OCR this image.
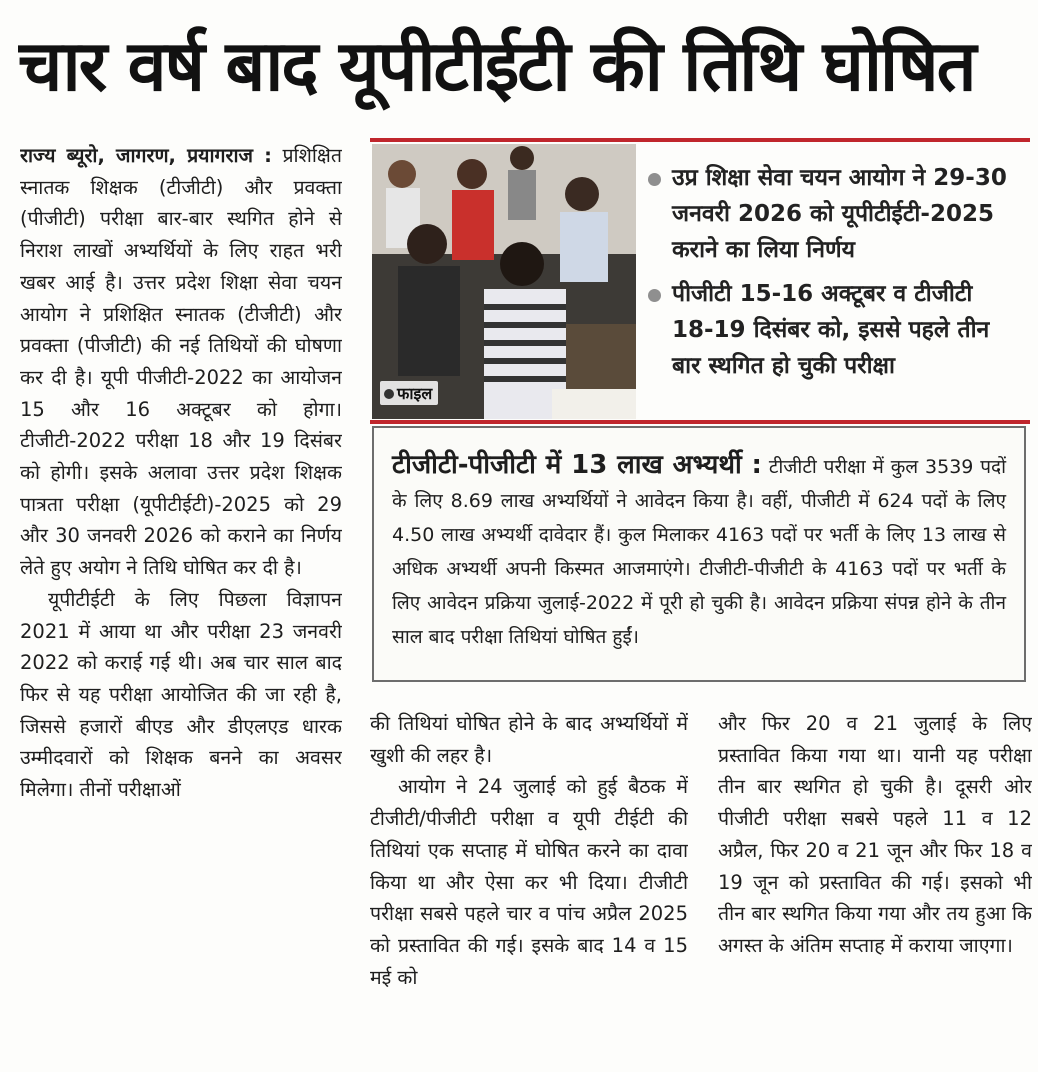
चार वर्ष बाद यूपीटीईटी की तिथि घोषित
फाइल
उप्र शिक्षा सेवा चयन आयोग ने 29-30 जनवरी 2026 को यूपीटीईटी-2025 कराने का लिया निर्णय
पीजीटी 15-16 अक्टूबर व टीजीटी 18-19 दिसंबर को, इससे पहले तीन बार स्थगित हो चुकी परीक्षा
टीजीटी-पीजीटी में 13 लाख अभ्यर्थी : टीजीटी परीक्षा में कुल 3539 पदों के लिए 8.69 लाख अभ्यर्थियों ने आवेदन किया है। वहीं, पीजीटी में 624 पदों के लिए 4.50 लाख अभ्यर्थी दावेदार हैं। कुल मिलाकर 4163 पदों पर भर्ती के लिए 13 लाख से अधिक अभ्यर्थी अपनी किस्मत आजमाएंगे। टीजीटी-पीजीटी के 4163 पदों पर भर्ती के लिए आवेदन प्रक्रिया जुलाई-2022 में पूरी हो चुकी है। आवेदन प्रक्रिया संपन्न होने के तीन साल बाद परीक्षा तिथियां घोषित हुईं।

राज्य ब्यूरो, जागरण, प्रयागराज : प्रशिक्षित स्नातक शिक्षक (टीजीटी) और प्रवक्ता (पीजीटी) परीक्षा बार-बार स्थगित होने से निराश लाखों अभ्यर्थियों के लिए राहत भरी खबर आई है। उत्तर प्रदेश शिक्षा सेवा चयन आयोग ने प्रशिक्षित स्नातक (टीजीटी) और प्रवक्ता (पीजीटी) की नई तिथियों की घोषणा कर दी है। यूपी पीजीटी-2022 का आयोजन 15 और 16 अक्टूबर को होगा। टीजीटी-2022 परीक्षा 18 और 19 दिसंबर को होगी। इसके अलावा उत्तर प्रदेश शिक्षक पात्रता परीक्षा (यूपीटीईटी)-2025 को 29 और 30 जनवरी 2026 को कराने का निर्णय लेते हुए अयोग ने तिथि घोषित कर दी है।

यूपीटीईटी के लिए पिछला विज्ञापन 2021 में आया था और परीक्षा 23 जनवरी 2022 को कराई गई थी। अब चार साल बाद फिर से यह परीक्षा आयोजित की जा रही है, जिससे हजारों बीएड और डीएलएड धारक उम्मीदवारों को शिक्षक बनने का अवसर मिलेगा। तीनों परीक्षाओं

की तिथियां घोषित होने के बाद अभ्यर्थियों में खुशी की लहर है।

आयोग ने 24 जुलाई को हुई बैठक में टीजीटी/पीजीटी परीक्षा व यूपी टीईटी की तिथियां एक सप्ताह में घोषित करने का दावा किया था और ऐसा कर भी दिया। टीजीटी परीक्षा सबसे पहले चार व पांच अप्रैल 2025 को प्रस्तावित की गई। इसके बाद 14 व 15 मई को

और फिर 20 व 21 जुलाई के लिए प्रस्तावित किया गया था। यानी यह परीक्षा तीन बार स्थगित हो चुकी है। दूसरी ओर पीजीटी परीक्षा सबसे पहले 11 व 12 अप्रैल, फिर 20 व 21 जून और फिर 18 व 19 जून को प्रस्तावित की गई। इसको भी तीन बार स्थगित किया गया और तय हुआ कि अगस्त के अंतिम सप्ताह में कराया जाएगा।
